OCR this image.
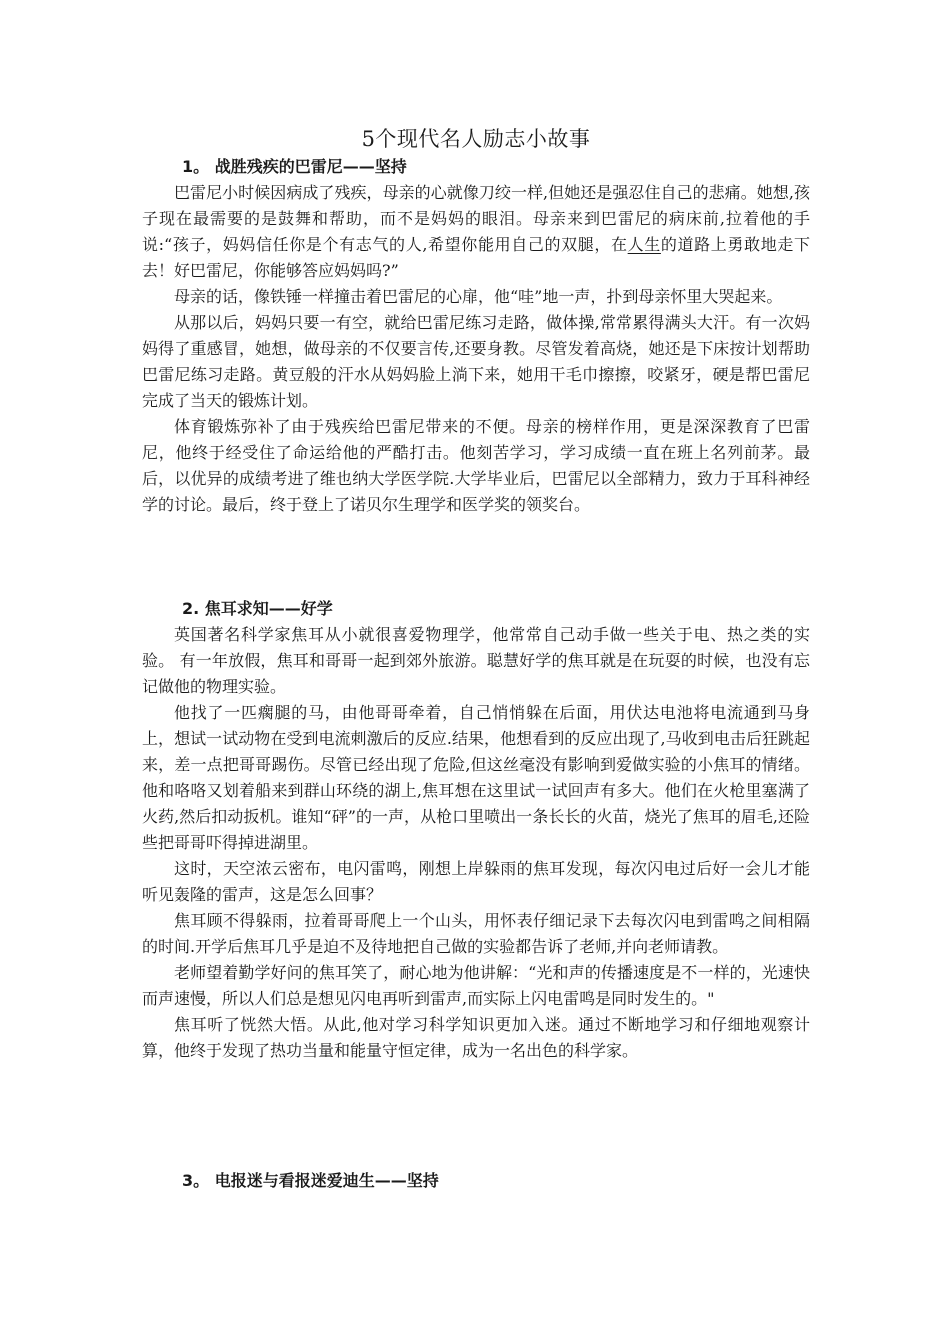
5个现代名人励志小故事
1。 战胜残疾的巴雷尼——坚持

巴雷尼小时候因病成了残疾，母亲的心就像刀绞一样,但她还是强忍住自己的悲痛。她想,孩子现在最需要的是鼓舞和帮助，而不是妈妈的眼泪。母亲来到巴雷尼的病床前,拉着他的手说:“孩子，妈妈信任你是个有志气的人,希望你能用自己的双腿，在人生的道路上勇敢地走下去！好巴雷尼，你能够答应妈妈吗?”

母亲的话，像铁锤一样撞击着巴雷尼的心扉，他“哇”地一声，扑到母亲怀里大哭起来。

从那以后，妈妈只要一有空，就给巴雷尼练习走路，做体操,常常累得满头大汗。有一次妈妈得了重感冒，她想，做母亲的不仅要言传,还要身教。尽管发着高烧，她还是下床按计划帮助巴雷尼练习走路。黄豆般的汗水从妈妈脸上淌下来，她用干毛巾擦擦，咬紧牙，硬是帮巴雷尼完成了当天的锻炼计划。

体育锻炼弥补了由于残疾给巴雷尼带来的不便。母亲的榜样作用，更是深深教育了巴雷尼，他终于经受住了命运给他的严酷打击。他刻苦学习，学习成绩一直在班上名列前茅。最后，以优异的成绩考进了维也纳大学医学院.大学毕业后，巴雷尼以全部精力，致力于耳科神经学的讨论。最后，终于登上了诺贝尔生理学和医学奖的领奖台。

2. 焦耳求知——好学

英国著名科学家焦耳从小就很喜爱物理学，他常常自己动手做一些关于电、热之类的实验。 有一年放假，焦耳和哥哥一起到郊外旅游。聪慧好学的焦耳就是在玩耍的时候，也没有忘记做他的物理实验。

他找了一匹瘸腿的马，由他哥哥牵着，自己悄悄躲在后面，用伏达电池将电流通到马身上，想试一试动物在受到电流刺激后的反应.结果，他想看到的反应出现了,马收到电击后狂跳起来，差一点把哥哥踢伤。尽管已经出现了危险,但这丝毫没有影响到爱做实验的小焦耳的情绪。他和咯咯又划着船来到群山环绕的湖上,焦耳想在这里试一试回声有多大。他们在火枪里塞满了火药,然后扣动扳机。谁知“砰”的一声，从枪口里喷出一条长长的火苗，烧光了焦耳的眉毛,还险些把哥哥吓得掉进湖里。

这时，天空浓云密布，电闪雷鸣，刚想上岸躲雨的焦耳发现，每次闪电过后好一会儿才能听见轰隆的雷声，这是怎么回事？

焦耳顾不得躲雨，拉着哥哥爬上一个山头，用怀表仔细记录下去每次闪电到雷鸣之间相隔的时间.开学后焦耳几乎是迫不及待地把自己做的实验都告诉了老师,并向老师请教。

老师望着勤学好问的焦耳笑了，耐心地为他讲解：“光和声的传播速度是不一样的，光速快而声速慢，所以人们总是想见闪电再听到雷声,而实际上闪电雷鸣是同时发生的。"

焦耳听了恍然大悟。从此,他对学习科学知识更加入迷。通过不断地学习和仔细地观察计算，他终于发现了热功当量和能量守恒定律，成为一名出色的科学家。

3。 电报迷与看报迷爱迪生——坚持
